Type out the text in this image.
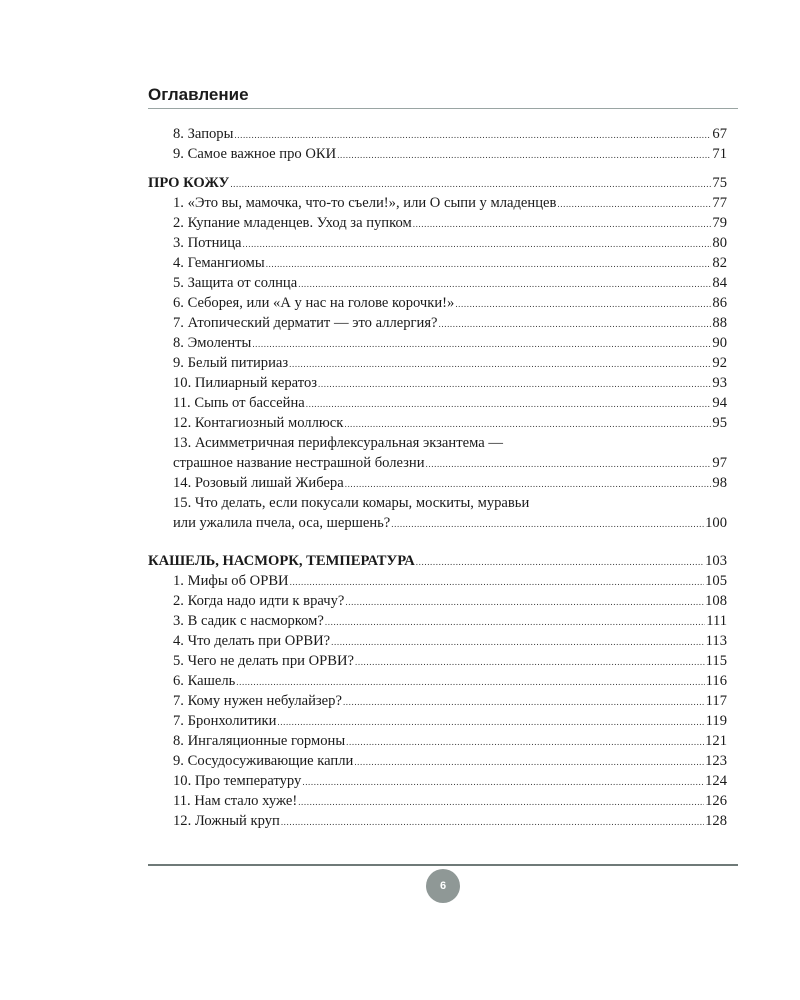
Оглавление
8. Запоры .....	67
9. Самое важное про ОКИ .....	71
ПРО КОЖУ .....	75
1. «Это вы, мамочка, что-то съели!», или О сыпи у младенцев .....	77
2. Купание младенцев. Уход за пупком .....	79
3. Потница .....	80
4. Гемангиомы .....	82
5. Защита от солнца .....	84
6. Себорея, или «А у нас на голове корочки!» .....	86
7. Атопический дерматит — это аллергия? .....	88
8. Эмоленты .....	90
9. Белый питириаз .....	92
10. Пилиарный кератоз .....	93
11. Сыпь от бассейна .....	94
12. Контагиозный моллюск .....	95
13. Асимметричная перифлексуральная экзантема —
страшное название нестрашной болезни .....	97
14. Розовый лишай Жибера .....	98
15. Что делать, если покусали комары, москиты, муравьи
или ужалила пчела, оса, шершень? .....	100
КАШЕЛЬ, НАСМОРК, ТЕМПЕРАТУРА .....	103
1. Мифы об ОРВИ .....	105
2. Когда надо идти к врачу? .....	108
3. В садик с насморком? .....	111
4. Что делать при ОРВИ? .....	113
5. Чего не делать при ОРВИ? .....	115
6. Кашель .....	116
7. Кому нужен небулайзер? .....	117
7. Бронхолитики .....	119
8. Ингаляционные гормоны .....	121
9. Сосудосуживающие капли .....	123
10. Про температуру .....	124
11. Нам стало хуже! .....	126
12. Ложный круп .....	128
6
